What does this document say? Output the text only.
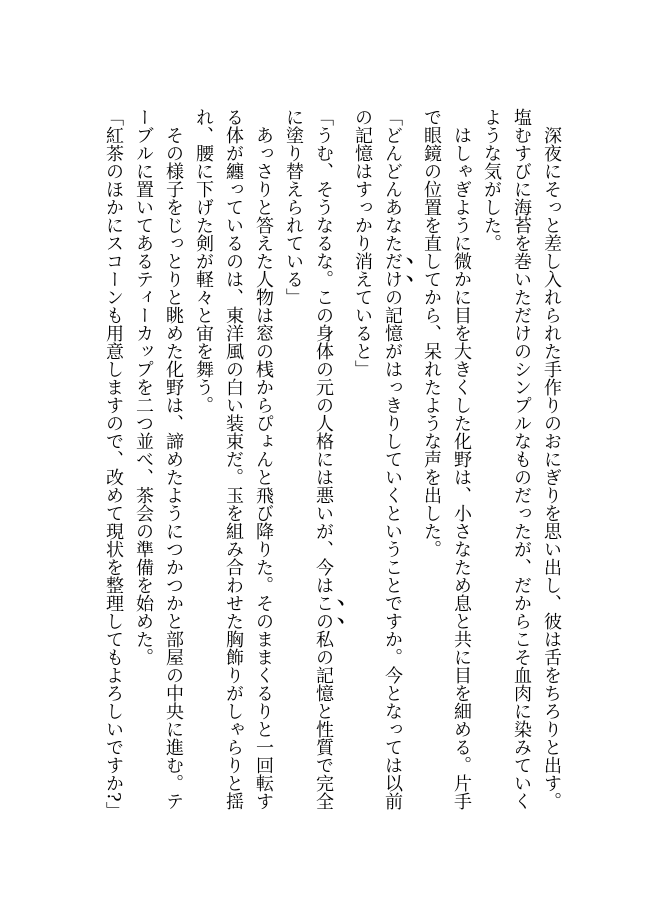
　深夜にそっと差し入れられた手作りのおにぎりを思い出し、彼は舌をちろりと出す。塩むすびに海苔を巻いただけのシンプルなものだったが、だからこそ血肉に染みていくような気がした。

　はしゃぎように微かに目を大きくした化野は、小さなため息と共に目を細める。片手で眼鏡の位置を直してから、呆れたような声を出した。

「どんどんあなただけの記憶がはっきりしていくということですか。今となっては以前の記憶はすっかり消えていると」

「うむ、そうなるな。この身体の元の人格には悪いが、今はこの私の記憶と性質で完全に塗り替えられている」

　あっさりと答えた人物は窓の桟からぴょんと飛び降りた。そのままくるりと一回転する体が纏っているのは、東洋風の白い装束だ。玉を組み合わせた胸飾りがしゃらりと揺れ、腰に下げた剣が軽々と宙を舞う。

　その様子をじっとりと眺めた化野は、諦めたようにつかつかと部屋の中央に進む。テーブルに置いてあるティーカップを二つ並べ、茶会の準備を始めた。

「紅茶のほかにスコーンも用意しますので、改めて現状を整理してもよろしいですか?」
